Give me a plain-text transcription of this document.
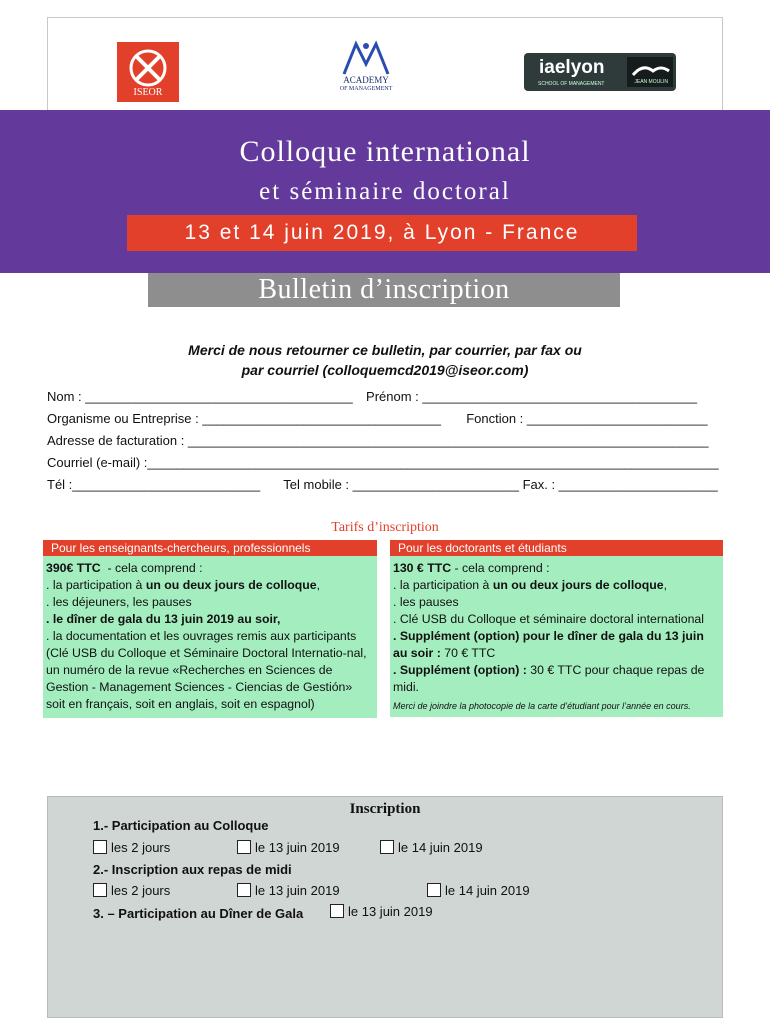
ISEOR
ACADEMY
OF MANAGEMENT
iaelyon
SCHOOL OF MANAGEMENT	JEAN MOULIN
Colloque international
et séminaire doctoral
13 et 14 juin 2019, à Lyon - France
Bulletin d’inscription
Merci de nous retourner ce bulletin, par courrier, par fax ou
par courriel (colloquemcd2019@iseor.com)
Nom : _____________________________________ Prénom : ______________________________________
Organisme ou Entreprise : _________________________________ Fonction : _________________________
Adresse de facturation : ________________________________________________________________________
Courriel (e-mail) :_______________________________________________________________________________
Tél :__________________________ Tel mobile : _______________________ Fax. : ______________________
Tarifs d’inscription
Pour les enseignants-chercheurs, professionnels
390€ TTC  - cela comprend :
. la participation à un ou deux jours de colloque,
. les déjeuners, les pauses
. le dîner de gala du 13 juin 2019 au soir,
. la documentation et les ouvrages remis aux participants (Clé USB du Colloque et Séminaire Doctoral Internatio-nal, un numéro de la revue «Recherches en Sciences de Gestion - Management Sciences - Ciencias de Gestión» soit en français, soit en anglais, soit en espagnol)
Pour les doctorants et étudiants
130 € TTC - cela comprend :
. la participation à un ou deux jours de colloque,
. les pauses
. Clé USB du Colloque et séminaire doctoral international
. Supplément (option) pour le dîner de gala du 13 juin au soir : 70 € TTC
. Supplément (option) : 30 € TTC pour chaque repas de midi.
Merci de joindre la photocopie de la carte d’étudiant pour l’année en cours.
Inscription
1.- Participation au Colloque
les 2 jours	le 13 juin 2019	le 14 juin 2019
2.- Inscription aux repas de midi
les 2 jours	le 13 juin 2019	le 14 juin 2019
3. – Participation au Dîner de Gala	le 13 juin 2019
